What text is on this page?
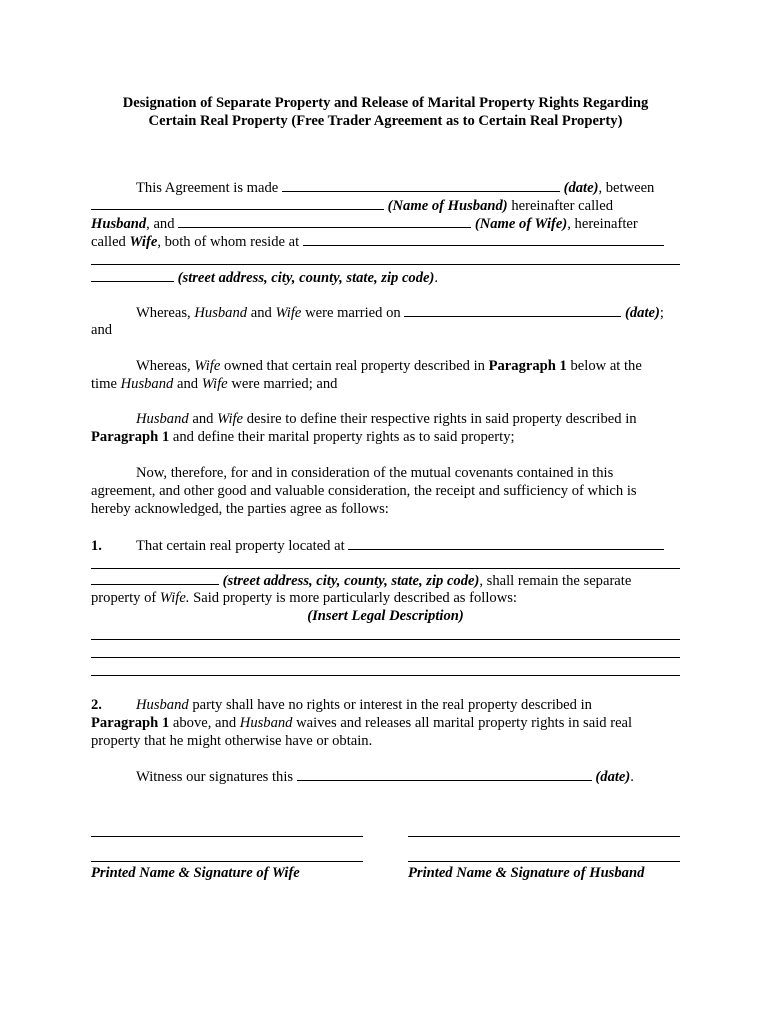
Designation of Separate Property and Release of Marital Property Rights Regarding
Certain Real Property (Free Trader Agreement as to Certain Real Property)
This Agreement is made	(date), between
(Name of Husband) hereinafter called
Husband, and	(Name of Wife), hereinafter
called Wife, both of whom reside at
(street address, city, county, state, zip code).
Whereas, Husband and Wife were married on	(date);
and
Whereas, Wife owned that certain real property described in Paragraph 1 below at the
time Husband and Wife were married; and
Husband and Wife desire to define their respective rights in said property described in
Paragraph 1 and define their marital property rights as to said property;
Now, therefore, for and in consideration of the mutual covenants contained in this
agreement, and other good and valuable consideration, the receipt and sufficiency of which is
hereby acknowledged, the parties agree as follows:
1. That certain real property located at
(street address, city, county, state, zip code), shall remain the separate
property of Wife. Said property is more particularly described as follows:
(Insert Legal Description)
2. Husband party shall have no rights or interest in the real property described in
Paragraph 1 above, and Husband waives and releases all marital property rights in said real
property that he might otherwise have or obtain.
Witness our signatures this	(date).
Printed Name & Signature of Wife	Printed Name & Signature of Husband
